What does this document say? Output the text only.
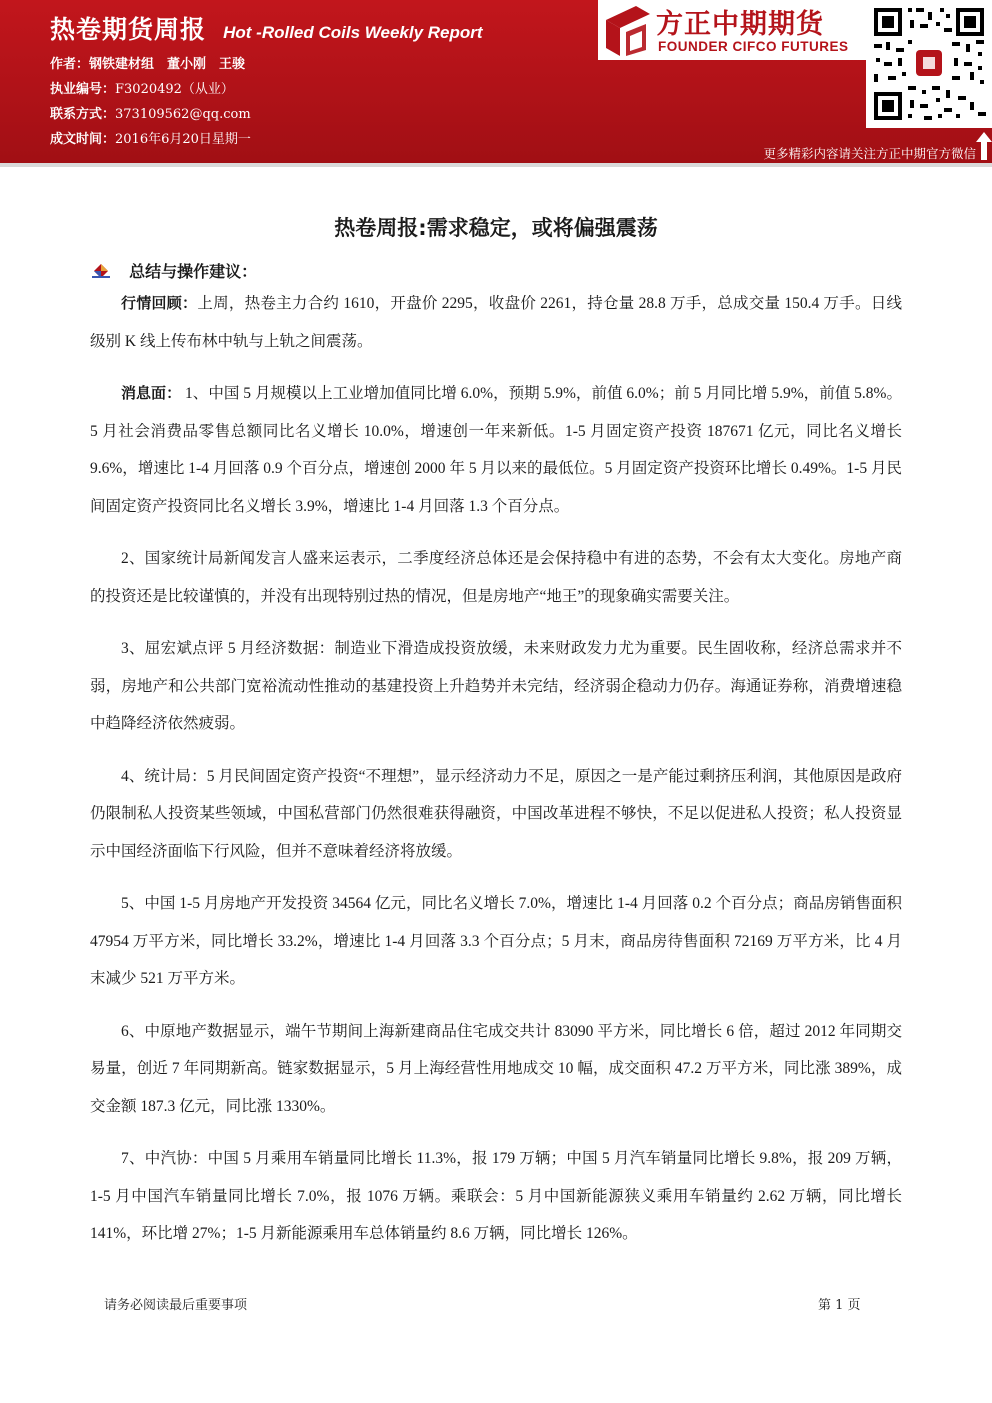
热卷期货周报 Hot -Rolled Coils Weekly Report
作者：钢铁建材组　董小刚　王骏
执业编号：F3020492（从业）
联系方式：373109562@qq.com
成文时间：2016年6月20日星期一
方正中期期货
FOUNDER CIFCO FUTURES
更多精彩内容请关注方正中期官方微信
热卷周报:需求稳定，或将偏强震荡
总结与操作建议：

行情回顾：上周，热卷主力合约 1610，开盘价 2295，收盘价 2261，持仓量 28.8 万手，总成交量 150.4 万手。日线级别 K 线上传布林中轨与上轨之间震荡。

消息面： 1、中国 5 月规模以上工业增加值同比增 6.0%，预期 5.9%，前值 6.0%；前 5 月同比增 5.9%，前值 5.8%。5 月社会消费品零售总额同比名义增长 10.0%，增速创一年来新低。1-5 月固定资产投资 187671 亿元，同比名义增长 9.6%，增速比 1-4 月回落 0.9 个百分点，增速创 2000 年 5 月以来的最低位。5 月固定资产投资环比增长 0.49%。1-5 月民间固定资产投资同比名义增长 3.9%，增速比 1-4 月回落 1.3 个百分点。

2、国家统计局新闻发言人盛来运表示，二季度经济总体还是会保持稳中有进的态势，不会有太大变化。房地产商的投资还是比较谨慎的，并没有出现特别过热的情况，但是房地产“地王”的现象确实需要关注。

3、屈宏斌点评 5 月经济数据：制造业下滑造成投资放缓，未来财政发力尤为重要。民生固收称，经济总需求并不弱，房地产和公共部门宽裕流动性推动的基建投资上升趋势并未完结，经济弱企稳动力仍存。海通证券称，消费增速稳中趋降经济依然疲弱。

4、统计局：5 月民间固定资产投资“不理想”，显示经济动力不足，原因之一是产能过剩挤压利润，其他原因是政府仍限制私人投资某些领域，中国私营部门仍然很难获得融资，中国改革进程不够快，不足以促进私人投资；私人投资显示中国经济面临下行风险，但并不意味着经济将放缓。

5、中国 1-5 月房地产开发投资 34564 亿元，同比名义增长 7.0%，增速比 1-4 月回落 0.2 个百分点；商品房销售面积 47954 万平方米，同比增长 33.2%，增速比 1-4 月回落 3.3 个百分点；5 月末，商品房待售面积 72169 万平方米，比 4 月末减少 521 万平方米。

6、中原地产数据显示，端午节期间上海新建商品住宅成交共计 83090 平方米，同比增长 6 倍，超过 2012 年同期交易量，创近 7 年同期新高。链家数据显示，5 月上海经营性用地成交 10 幅，成交面积 47.2 万平方米，同比涨 389%，成交金额 187.3 亿元，同比涨 1330%。

7、中汽协：中国 5 月乘用车销量同比增长 11.3%，报 179 万辆；中国 5 月汽车销量同比增长 9.8%，报 209 万辆，1-5 月中国汽车销量同比增长 7.0%，报 1076 万辆。乘联会：5 月中国新能源狭义乘用车销量约 2.62 万辆，同比增长 141%，环比增 27%；1-5 月新能源乘用车总体销量约 8.6 万辆，同比增长 126%。

请务必阅读最后重要事项	第 1 页
